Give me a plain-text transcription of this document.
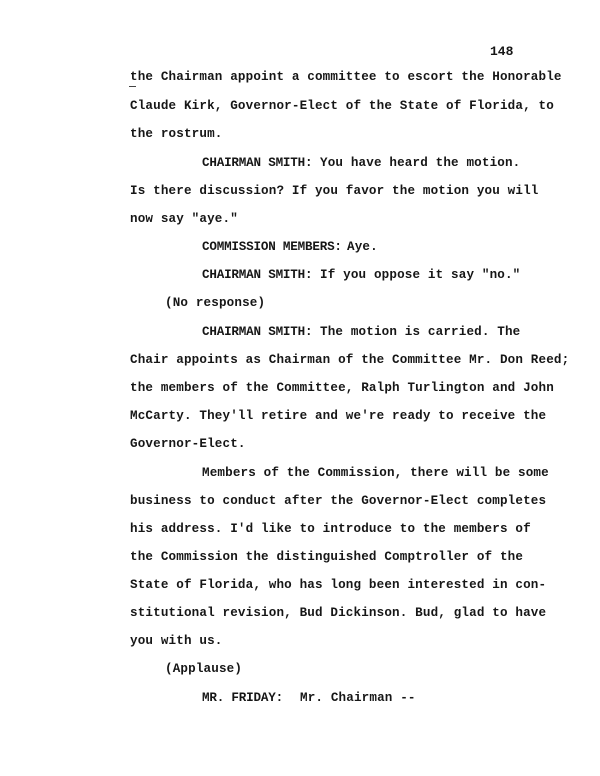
148
the Chairman appoint a committee to escort the Honorable
Claude Kirk, Governor-Elect of the State of Florida, to
the rostrum.
CHAIRMAN SMITH: You have heard the motion.
Is there discussion? If you favor the motion you will
now say "aye."
COMMISSION MEMBERS: Aye.
CHAIRMAN SMITH: If you oppose it say "no."
(No response)
CHAIRMAN SMITH: The motion is carried. The
Chair appoints as Chairman of the Committee Mr. Don Reed;
the members of the Committee, Ralph Turlington and John
McCarty. They'll retire and we're ready to receive the
Governor-Elect.
Members of the Commission, there will be some
business to conduct after the Governor-Elect completes
his address. I'd like to introduce to the members of
the Commission the distinguished Comptroller of the
State of Florida, who has long been interested in con-
stitutional revision, Bud Dickinson. Bud, glad to have
you with us.
(Applause)
MR. FRIDAY: Mr. Chairman --
